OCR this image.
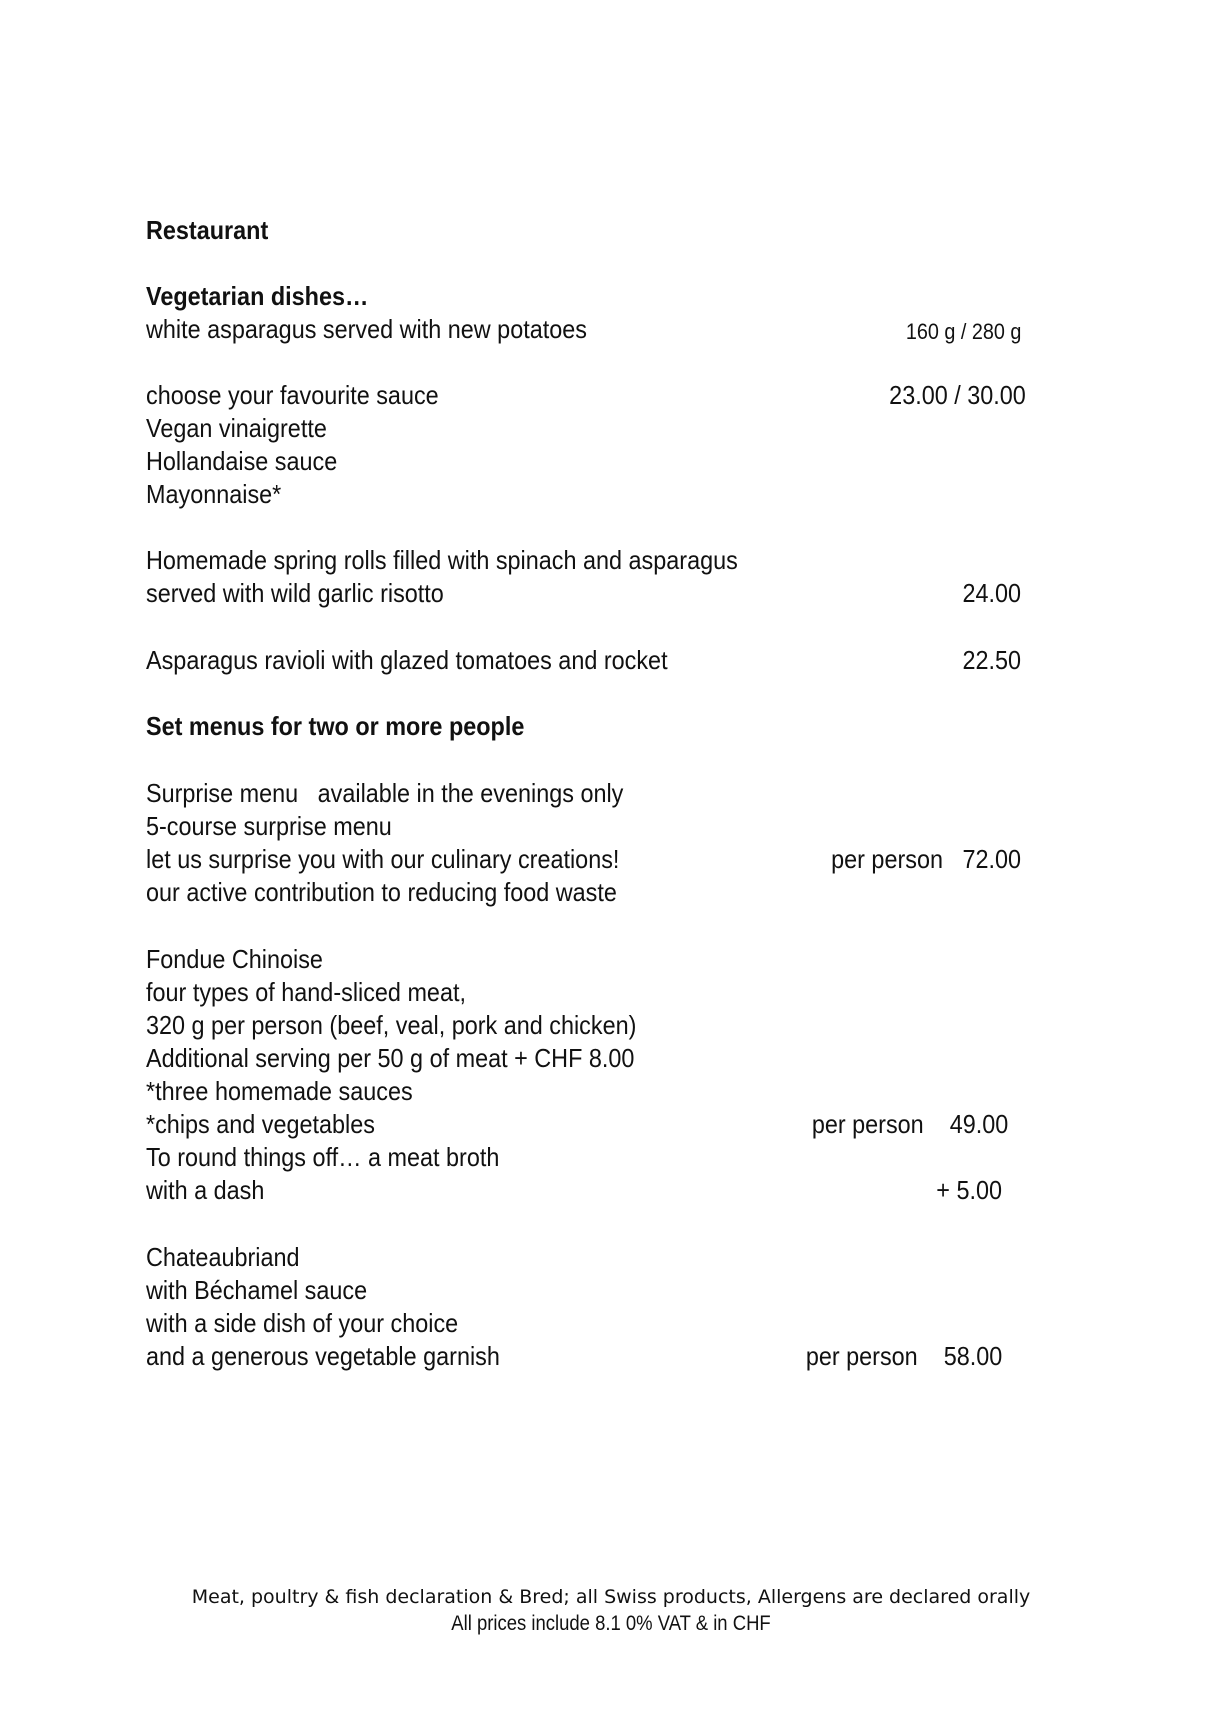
Restaurant
Vegetarian dishes…
white asparagus served with new potatoes	160 g / 280 g
choose your favourite sauce	23.00 / 30.00
Vegan vinaigrette
Hollandaise sauce
Mayonnaise*
Homemade spring rolls filled with spinach and asparagus
served with wild garlic risotto	24.00
Asparagus ravioli with glazed tomatoes and rocket	22.50
Set menus for two or more people
Surprise menu   available in the evenings only
5-course surprise menu
let us surprise you with our culinary creations!	per person   72.00
our active contribution to reducing food waste
Fondue Chinoise
four types of hand-sliced meat,
320 g per person (beef, veal, pork and chicken)
Additional serving per 50 g of meat + CHF 8.00
*three homemade sauces
*chips and vegetables	per person    49.00
To round things off… a meat broth
with a dash	+ 5.00
Chateaubriand
with Béchamel sauce
with a side dish of your choice
and a generous vegetable garnish	per person    58.00
Meat, poultry & fish declaration & Bred; all Swiss products, Allergens are declared orally
All prices include 8.1 0% VAT & in CHF
